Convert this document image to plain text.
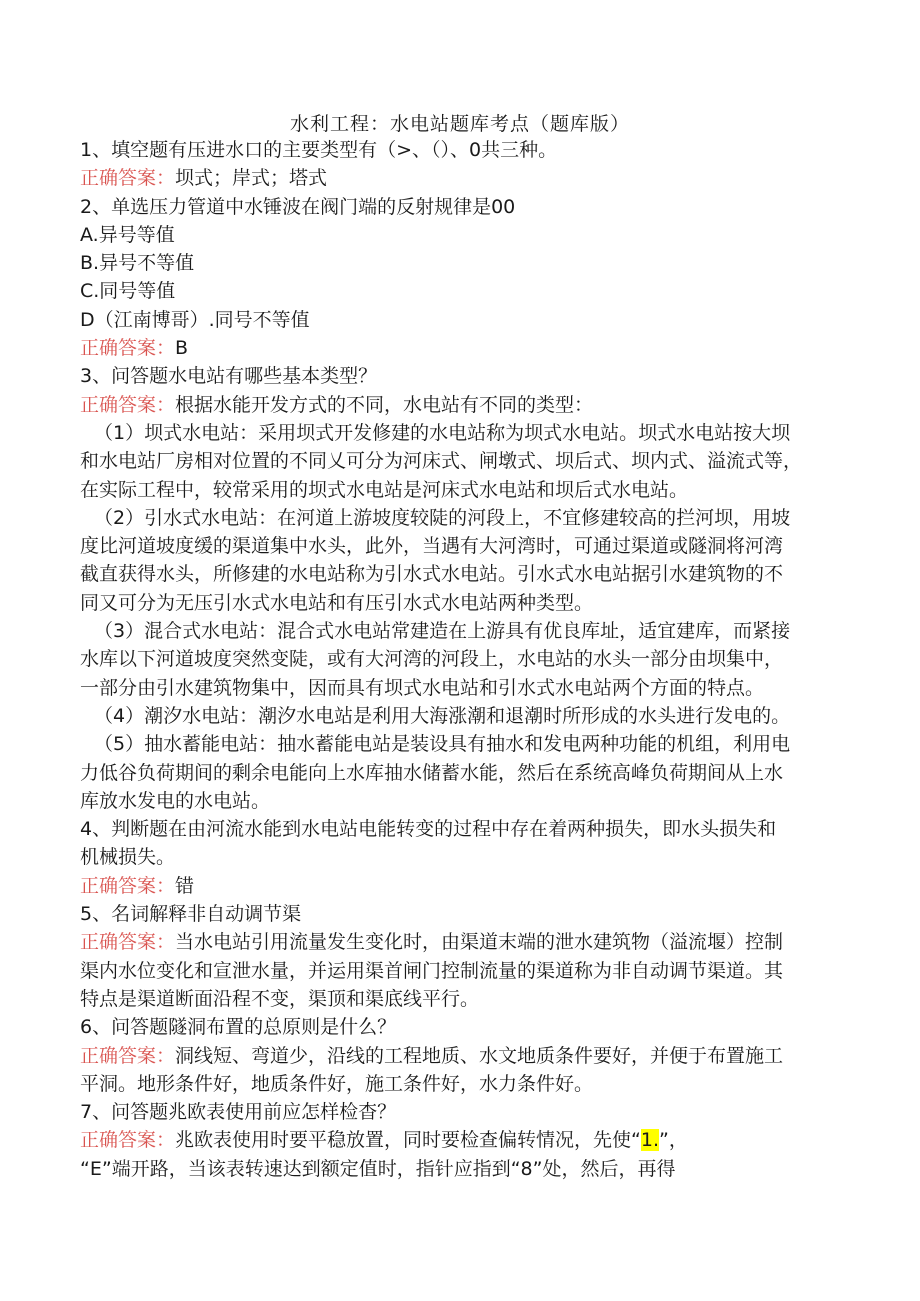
水利工程：水电站题库考点（题库版）
1、填空题有压进水口的主要类型有（>、（）、0共三种。
正确答案：坝式；岸式；塔式
2、单选压力管道中水锤波在阀门端的反射规律是00
A.异号等值
B.异号不等值
C.同号等值
D（江南博哥）.同号不等值
正确答案：B
3、问答题水电站有哪些基本类型？
正确答案：根据水能开发方式的不同，水电站有不同的类型：
（1）坝式水电站：采用坝式开发修建的水电站称为坝式水电站。坝式水电站按大坝
和水电站厂房相对位置的不同乂可分为河床式、闸墩式、坝后式、坝内式、溢流式等，
在实际工程中，较常采用的坝式水电站是河床式水电站和坝后式水电站。
（2）引水式水电站：在河道上游坡度较陡的河段上，不宜修建较高的拦河坝，用坡
度比河道坡度缓的渠道集中水头，此外，当遇有大河湾时，可通过渠道或隧洞将河湾
截直获得水头，所修建的水电站称为引水式水电站。引水式水电站据引水建筑物的不
同又可分为无压引水式水电站和有压引水式水电站两种类型。
（3）混合式水电站：混合式水电站常建造在上游具有优良库址，适宜建库，而紧接
水库以下河道坡度突然变陡，或有大河湾的河段上，水电站的水头一部分由坝集中，
一部分由引水建筑物集中，因而具有坝式水电站和引水式水电站两个方面的特点。
（4）潮汐水电站：潮汐水电站是利用大海涨潮和退潮时所形成的水头进行发电的。
（5）抽水蓄能电站：抽水蓄能电站是装设具有抽水和发电两种功能的机组，利用电
力低谷负荷期间的剩余电能向上水库抽水储蓄水能，然后在系统高峰负荷期间从上水
库放水发电的水电站。
4、判断题在由河流水能到水电站电能转变的过程中存在着两种损失，即水头损失和
机械损失。
正确答案：错
5、名词解释非自动调节渠
正确答案：当水电站引用流量发生变化时，由渠道末端的泄水建筑物（溢流堰）控制
渠内水位变化和宣泄水量，并运用渠首闸门控制流量的渠道称为非自动调节渠道。其
特点是渠道断面沿程不变，渠顶和渠底线平行。
6、问答题隧洞布置的总原则是什么？
正确答案：洞线短、弯道少，沿线的工程地质、水文地质条件要好，并便于布置施工
平洞。地形条件好，地质条件好，施工条件好，水力条件好。
7、问答题兆欧表使用前应怎样检杳？
正确答案：兆欧表使用时要平稳放置，同时要检查偏转情况，先使“1.”，
“E”端开路，当该表转速达到额定值时，指针应指到“8”处，然后，再得
